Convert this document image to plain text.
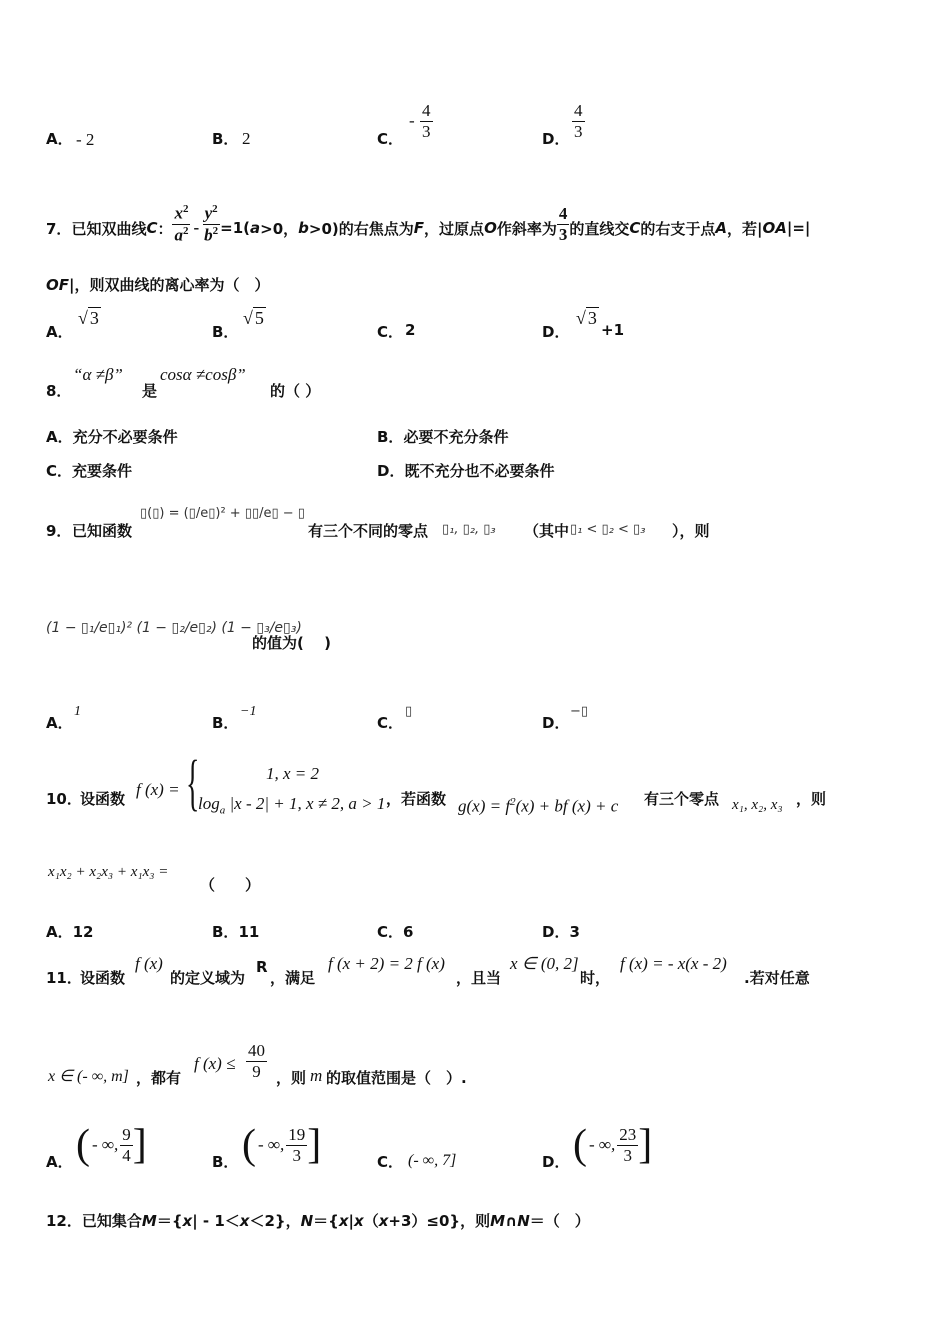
A． - 2	B． 2	C．
- $\frac{4}{3}$	D． $\frac{4}{3}$
7． 已知双曲线 C ： $\frac{x^2}{a^2} - \frac{y^2}{b^2} =1$( a >0， b >0)的右焦点为 F ，过原点 O 作斜率为 $\frac{4}{3}$ 的直线交 C 的右支于点 A ，若| OA |=|
OF|，则双曲线的离心率为（　）
A．
√ 3
B．
√ 5
C． 2	D．
√ 3
+1
8．
“α ≠β”
是
cosα ≠cosβ”
的（ ）
A．充分不必要条件	B．必要不充分条件
C．充要条件	D．既不充分也不必要条件
9． 已知函数
▯(▯) = (▯/e▯)² + ▯▯/e▯ − ▯
有三个不同的零点 ▯₁, ▯₂, ▯₃ （其中 ▯₁ < ▯₂ < ▯₃ ），则
(1 − ▯₁/e▯₁)² (1 − ▯₂/e▯₂) (1 − ▯₃/e▯₃)
的值为(　 )
A．
1
B．
−1
C．
▯
D．
−▯
10．
设函数 f (x) = {	1, x = 2
$\log_a |x - 2| + 1$, x ≠ 2, a > 1 ，若函数 $g(x) = f^2(x)$ + bf (x) + c 有三个零点 x₁, x₂, x₃ ，则
x₁x₂ + x₂x₃ + x₁x₃ =
（　　）
A．12	B．11	C．6	D．3
11．
设函数
f (x)
的定义域为
R
，满足
f (x + 2) = 2 f (x)
，且当
x ∈ (0, 2]
时，
f (x) = - x(x - 2)
.若对任意
x ∈ (- ∞, m] ，都有
f $(x) \le \frac{40}{9}$ ，则 m 的取值范围是（　）.
A． ( - ∞, $\frac{9}{4}$ ]	B． ( - ∞, $\frac{19}{3}$ ]	C． (- ∞, 7]	D． ( - ∞, $\frac{23}{3}$ ]
12．已知集合M＝{x| - 1＜x＜2}，N＝{x|x（x+3）≤0}，则M∩N＝（　）
